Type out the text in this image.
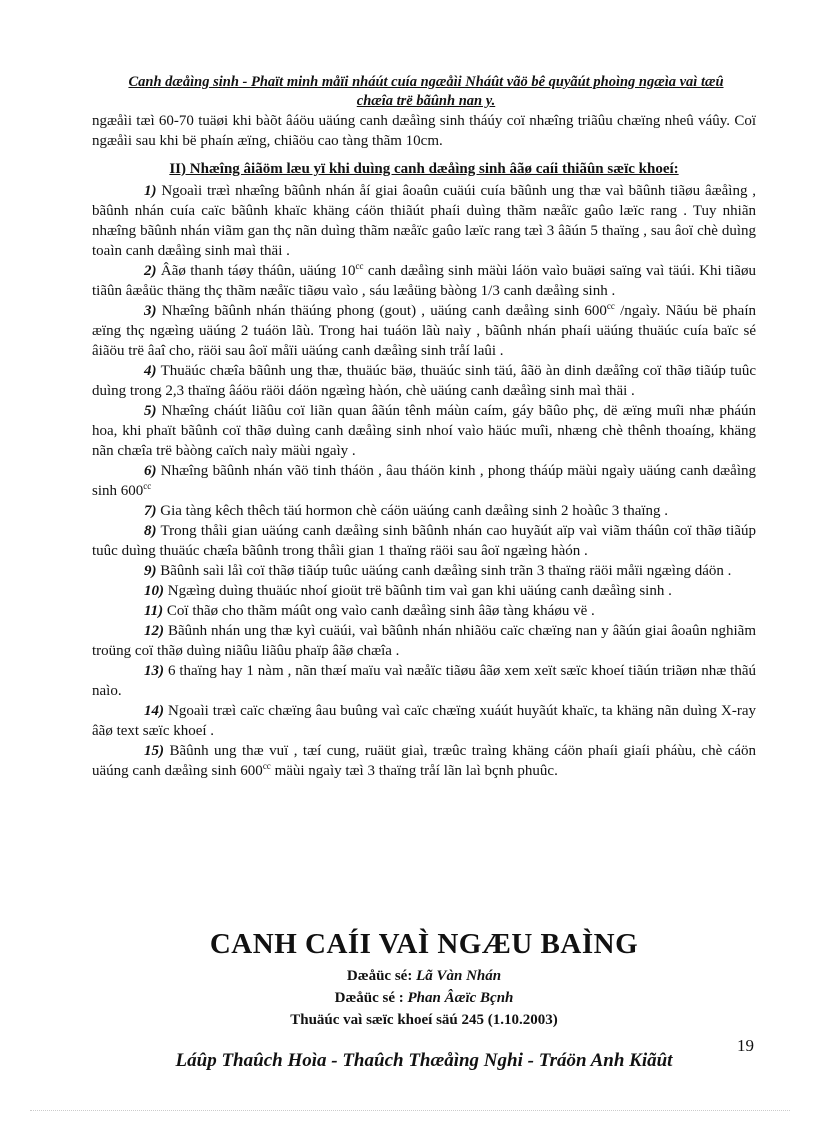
Canh dæåìng sinh - Phaït minh måïi nháút cuía ngæåìi Nháût vãö bê quyãút phoìng ngæìa vaì tæû
chæîa trë bãûnh nan y.

ngæåìi tæì 60-70 tuäøi khi bàõt âáöu uäúng canh dæåìng sinh tháúy coï nhæîng triãûu chæïng nheû váûy. Coï ngæåìi sau khi bë phaín æïng, chiãöu cao tàng thãm 10cm.

II) Nhæîng âiãöm læu yï khi duìng canh dæåìng sinh âãø caíi thiãûn sæïc khoeí:

1) Ngoaìi træì nhæîng bãûnh nhán åí giai âoaûn cuäúi cuía bãûnh ung thæ vaì bãûnh tiãøu âæåìng , bãûnh nhán cuía caïc bãûnh khaïc khäng cáön thiãút phaíi duìng thãm næåïc gaûo læïc rang . Tuy nhiãn nhæîng bãûnh nhán viãm gan thç nãn duìng thãm næåïc gaûo læïc rang tæì 3 âãún 5 thaïng , sau âoï chè duìng toaìn canh dæåìng sinh maì thäi .

2) Âãø thanh táøy tháûn, uäúng $10^{cc}$ canh dæåìng sinh mäùi láön vaìo buäøi saïng vaì täúi. Khi tiãøu tiãûn âæåüc thäng thç thãm næåïc tiãøu vaìo , sáu læåüng bàòng 1/3 canh dæåìng sinh .

3) Nhæîng bãûnh nhán thäúng phong (gout) , uäúng canh dæåìng $\sinh 600^{cc}$ /ngaìy. Nãúu bë phaín æïng thç ngæìng uäúng 2 tuáön lãù. Trong hai tuáön lãù naìy , bãûnh nhán phaíi uäúng thuäúc cuía baïc sé âiãöu trë âaî cho, räöi sau âoï måïi uäúng canh dæåìng sinh tråí laûi .

4) Thuäúc chæîa bãûnh ung thæ, thuäúc bäø, thuäúc sinh täú, âãö àn dinh dæåîng coï thãø tiãúp tuûc duìng trong 2,3 thaïng âáöu räöi dáön ngæìng hàón, chè uäúng canh dæåìng sinh maì thäi .

5) Nhæîng cháút liãûu coï liãn quan âãún tênh máùn caím, gáy bãûo phç, dë æïng muîi nhæ pháún hoa, khi phaït bãûnh coï thãø duìng canh dæåìng sinh nhoí vaìo häúc muîi, nhæng chè thênh thoaíng, khäng nãn chæîa trë bàòng caïch naìy mäùi ngaìy .

6) Nhæîng bãûnh nhán vãö tinh tháön , âau tháön kinh , phong tháúp mäùi ngaìy uäúng canh dæåìng $\sinh 600^{cc}$

7) Gia tàng kêch thêch täú hormon chè cáön uäúng canh dæåìng sinh 2 hoàûc 3 thaïng .

8) Trong thåìi gian uäúng canh dæåìng sinh bãûnh nhán cao huyãút aïp vaì viãm tháûn coï thãø tiãúp tuûc duìng thuäúc chæîa bãûnh trong thåìi gian 1 thaïng räöi sau âoï ngæìng hàón .

9) Bãûnh saìi låì coï thãø tiãúp tuûc uäúng canh dæåìng sinh trãn 3 thaïng räöi måïi ngæìng dáön .

10) Ngæìng duìng thuäúc nhoí gioüt trë bãûnh tim vaì gan khi uäúng canh dæåìng sinh .

11) Coï thãø cho thãm máût ong vaìo canh dæåìng sinh âãø tàng kháøu vë .

12) Bãûnh nhán ung thæ kyì cuäúi, vaì bãûnh nhán nhiãöu caïc chæïng nan y âãún giai âoaûn nghiãm troüng coï thãø duìng niãûu liãûu phaïp âãø chæîa .

13) 6 thaïng hay 1 nàm , nãn thæí maïu vaì næåïc tiãøu âãø xem xeït sæïc khoeí tiãún triãøn nhæ thãú naìo.

14) Ngoaìi træì caïc chæïng âau buûng vaì caïc chæïng xuáút huyãút khaïc, ta khäng nãn duìng X-ray âãø text sæïc khoeí .

15) Bãûnh ung thæ vuï , tæí cung, ruäüt giaì, træûc traìng khäng cáön phaíi giaíi pháùu, chè cáön uäúng canh dæåìng $\sinh 600^{cc}$ mäùi ngaìy tæì 3 thaïng tråí lãn laì bçnh phuûc.

CANH CAÍI VAÌ NGÆU BAÌNG
Dæåüc sé: Lã Vàn Nhán
Dæåüc sé : Phan Âæïc Bçnh
Thuäúc vaì sæïc khoeí säú 245 (1.10.2003)
19
Láûp Thaûch Hoìa - Thaûch Thæåìng Nghi - Tráön Anh Kiãût
